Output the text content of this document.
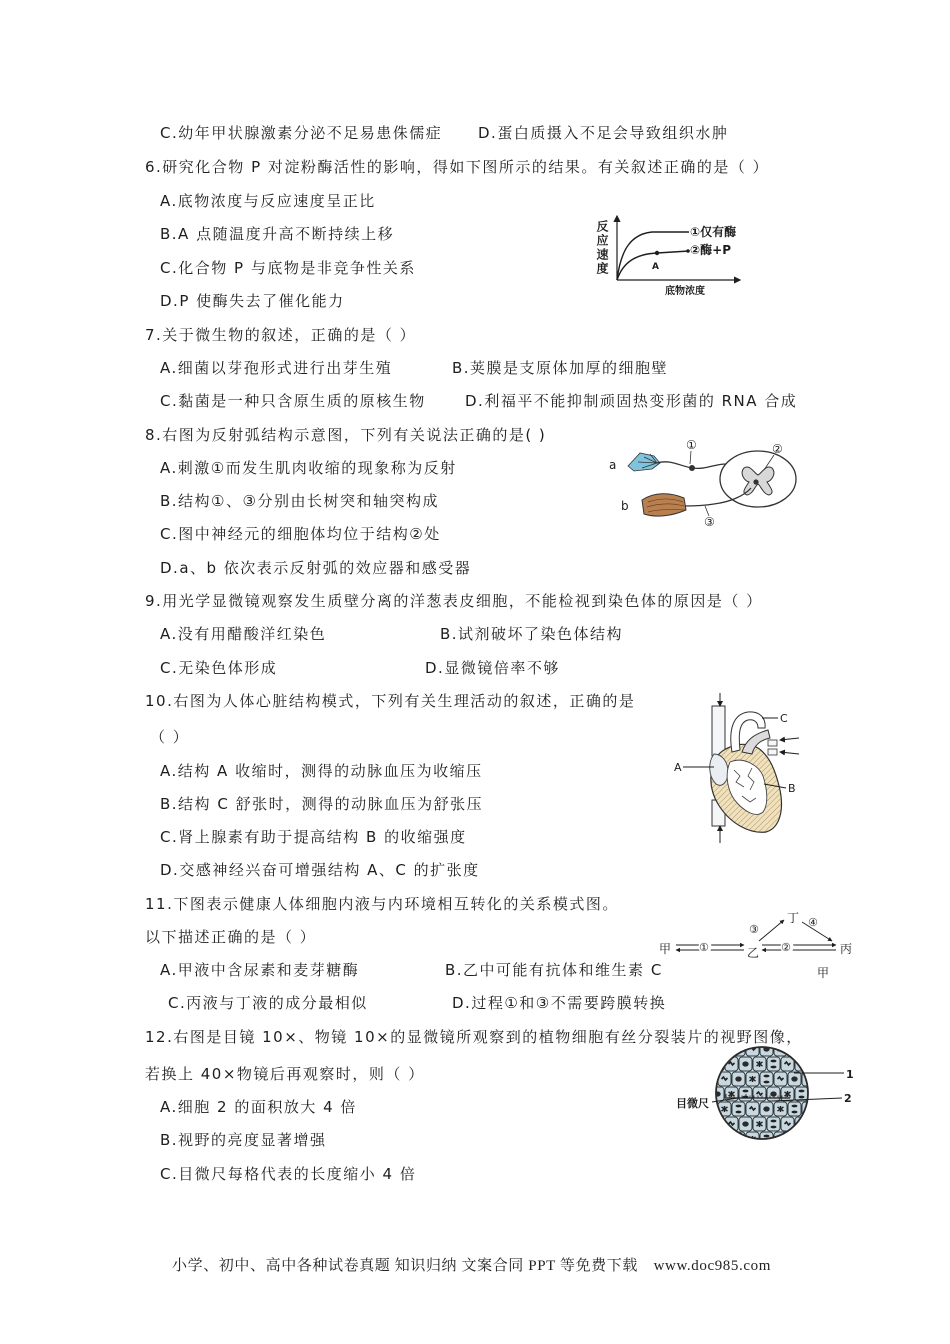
C.幼年甲状腺激素分泌不足易患侏儒症 D.蛋白质摄入不足会导致组织水肿
6.研究化合物 P 对淀粉酶活性的影响，得如下图所示的结果。有关叙述正确的是（ ）
A.底物浓度与反应速度呈正比
B.A 点随温度升高不断持续上移
C.化合物 P 与底物是非竞争性关系
D.P 使酶失去了催化能力
反应速度	①仅有酶
②酶+P
A
底物浓度
7.关于微生物的叙述，正确的是（ ）
A.细菌以芽孢形式进行出芽生殖	B.荚膜是支原体加厚的细胞壁
C.黏菌是一种只含原生质的原核生物	D.利福平不能抑制顽固热变形菌的 RNA 合成
8.右图为反射弧结构示意图，下列有关说法正确的是( )
A.刺激①而发生肌肉收缩的现象称为反射
B.结构①、③分别由长树突和轴突构成
C.图中神经元的细胞体均位于结构②处
D.a、b 依次表示反射弧的效应器和感受器
a
b
①	②
③
9.用光学显微镜观察发生质壁分离的洋葱表皮细胞，不能检视到染色体的原因是（ ）
A.没有用醋酸洋红染色	B.试剂破坏了染色体结构
C.无染色体形成	D.显微镜倍率不够
10.右图为人体心脏结构模式，下列有关生理活动的叙述，正确的是
（ ）
A.结构 A 收缩时，测得的动脉血压为收缩压
B.结构 C 舒张时，测得的动脉血压为舒张压
C.肾上腺素有助于提高结构 B 的收缩强度
D.交感神经兴奋可增强结构 A、C 的扩张度
C
A
B
11.下图表示健康人体细胞内液与内环境相互转化的关系模式图。
以下描述正确的是（ ）
A.甲液中含尿素和麦芽糖酶	B.乙中可能有抗体和维生素 C
C.丙液与丁液的成分最相似	D.过程①和③不需要跨膜转换
甲	①	乙
③
丁 ④
②	丙
甲
12.右图是目镜 10×、物镜 10×的显微镜所观察到的植物细胞有丝分裂装片的视野图像，
若换上 40×物镜后再观察时，则（ ）
A.细胞 2 的面积放大 4 倍
B.视野的亮度显著增强
C.目微尺每格代表的长度缩小 4 倍
目微尺
1
2
小学、初中、高中各种试卷真题 知识归纳 文案合同 PPT 等免费下载　www.doc985.com
